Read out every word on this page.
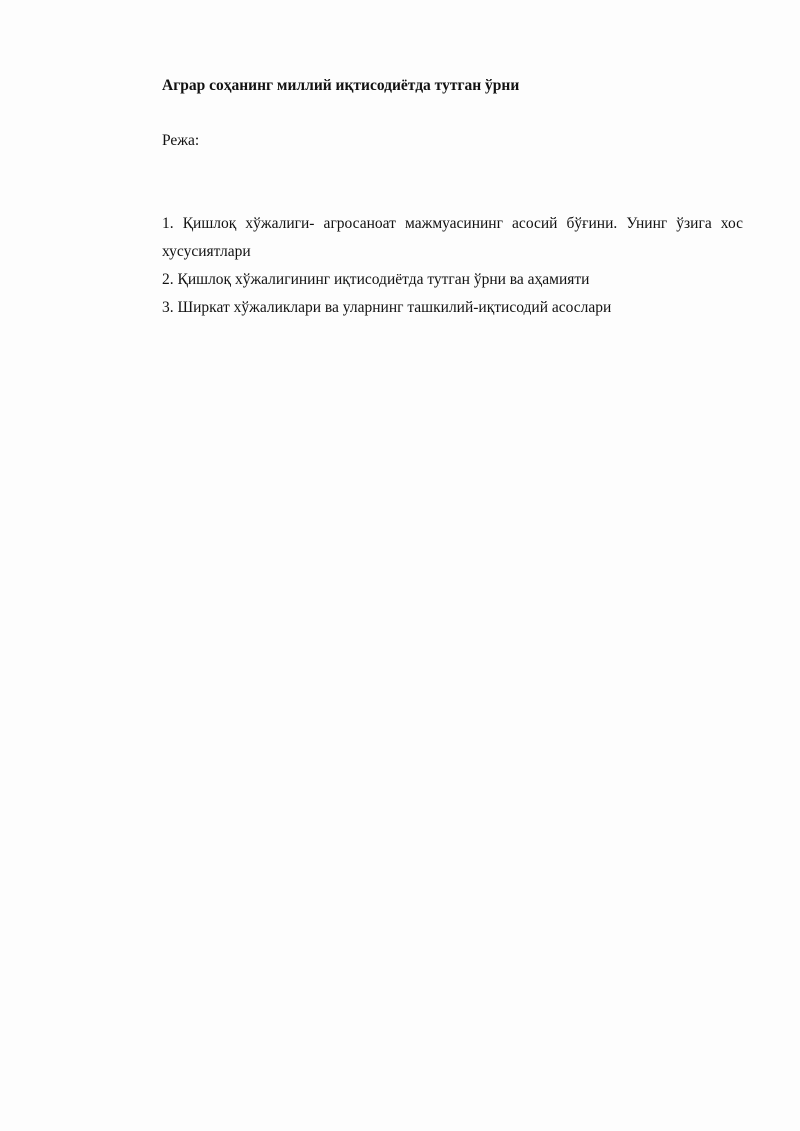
Аграр соҳанинг миллий иқтисодиётда тутган ўрни

Режа:

1. Қишлоқ хўжалиги- агросаноат мажмуасининг асосий бўғини. Унинг ўзига хос хусусиятлари
2. Қишлоқ хўжалигининг иқтисодиётда тутган ўрни ва аҳамияти
3. Ширкат хўжаликлари ва уларнинг ташкилий-иқтисодий асослари
